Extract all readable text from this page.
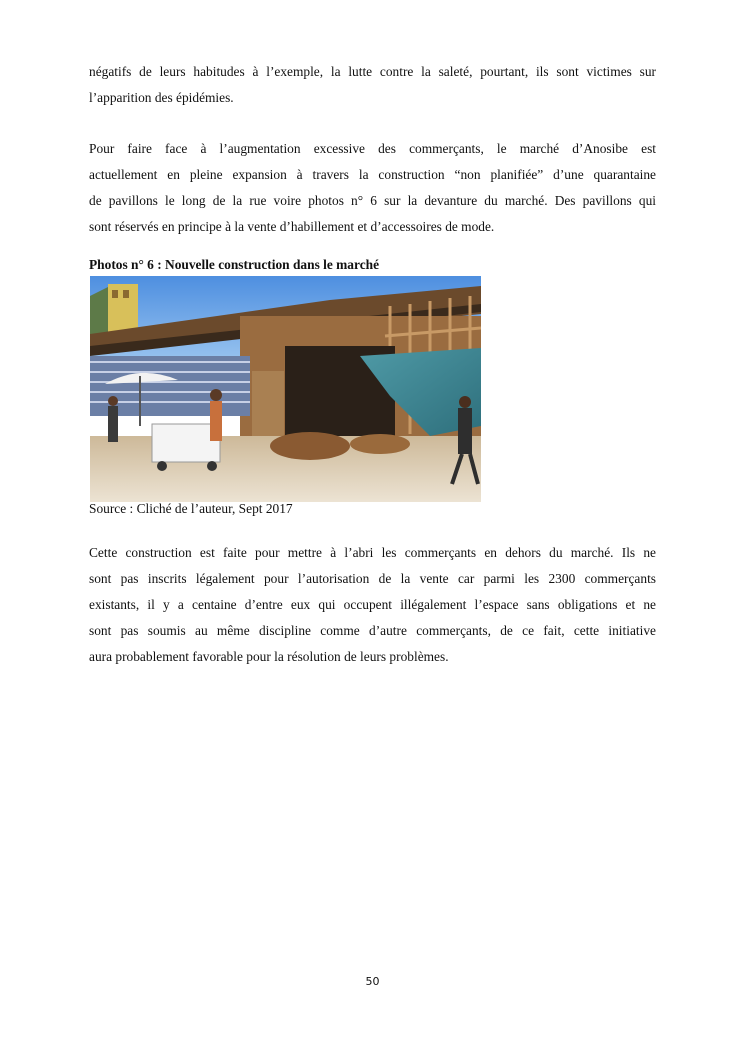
négatifs de leurs habitudes à l’exemple, la lutte contre la saleté, pourtant, ils sont victimes sur
l’apparition des épidémies.
Pour faire face à l’augmentation excessive des commerçants, le marché d’Anosibe est
actuellement en pleine expansion à travers la construction “non planifiée” d’une quarantaine
de pavillons le long de la rue voire photos n° 6 sur la devanture du marché. Des pavillons qui
sont réservés en principe à la vente d’habillement et d’accessoires de mode.

Photos n° 6 : Nouvelle construction dans le marché

Source : Cliché de l’auteur, Sept 2017

Cette construction est faite pour mettre à l’abri les commerçants en dehors du marché. Ils ne
sont pas inscrits légalement pour l’autorisation de la vente car parmi les 2300 commerçants
existants, il y a centaine d’entre eux qui occupent illégalement l’espace sans obligations et ne
sont pas soumis au même discipline comme d’autre commerçants, de ce fait, cette initiative
aura probablement favorable pour la résolution de leurs problèmes.
50
